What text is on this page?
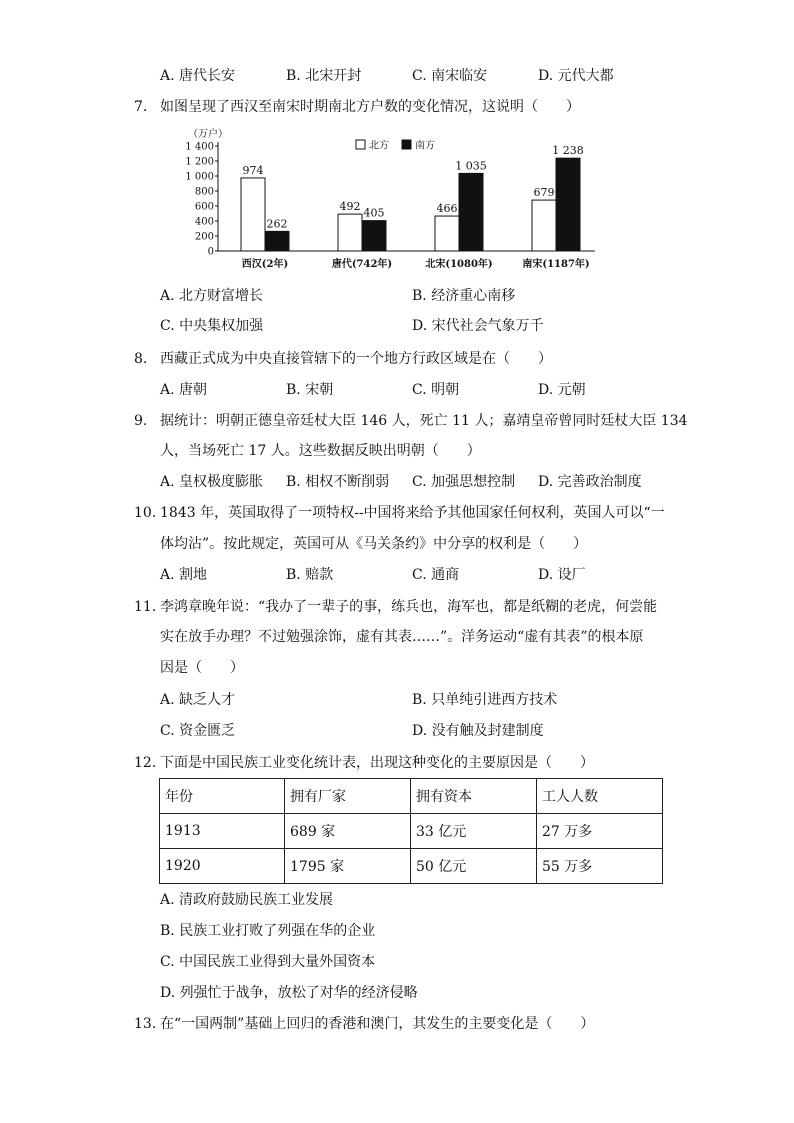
A. 唐代长安	B. 北宋开封	C. 南宋临安	D. 元代大都
7. 如图呈现了西汉至南宋时期南北方户数的变化情况，这说明（　　）
（万户）
0
200
400
600
800
1 000
1 200
1 400	北方	南方
974
262
西汉(2年)
492
405
唐代(742年)
466
1 035
北宋(1080年)
679
1 238
南宋(1187年)
A. 北方财富增长	B. 经济重心南移
C. 中央集权加强	D. 宋代社会气象万千
8. 西藏正式成为中央直接管辖下的一个地方行政区域是在（　　）
A. 唐朝	B. 宋朝	C. 明朝	D. 元朝
9. 据统计：明朝正德皇帝廷杖大臣 146 人，死亡 11 人；嘉靖皇帝曾同时廷杖大臣 134
人，当场死亡 17 人。这些数据反映出明朝（　　）
A. 皇权极度膨胀 B. 相权不断削弱 C. 加强思想控制 D. 完善政治制度
10. 1843 年，英国取得了一项特权--中国将来给予其他国家任何权利，英国人可以“一
体均沾”。按此规定，英国可从《马关条约》中分享的权利是（　　）
A. 割地	B. 赔款	C. 通商	D. 设厂
11. 李鸿章晚年说：“我办了一辈子的事，练兵也，海军也，都是纸糊的老虎，何尝能
实在放手办理？不过勉强涂饰，虚有其表……”。洋务运动“虚有其表”的根本原
因是（　　）
A. 缺乏人才	B. 只单纯引进西方技术
C. 资金匮乏	D. 没有触及封建制度
12. 下面是中国民族工业变化统计表，出现这种变化的主要原因是（　　）
年份	拥有厂家	拥有资本	工人人数
1913	689 家	33 亿元	27 万多
1920	1795 家	50 亿元	55 万多
A. 清政府鼓励民族工业发展
B. 民族工业打败了列强在华的企业
C. 中国民族工业得到大量外国资本
D. 列强忙于战争，放松了对华的经济侵略
13. 在“一国两制”基础上回归的香港和澳门，其发生的主要变化是（　　）
